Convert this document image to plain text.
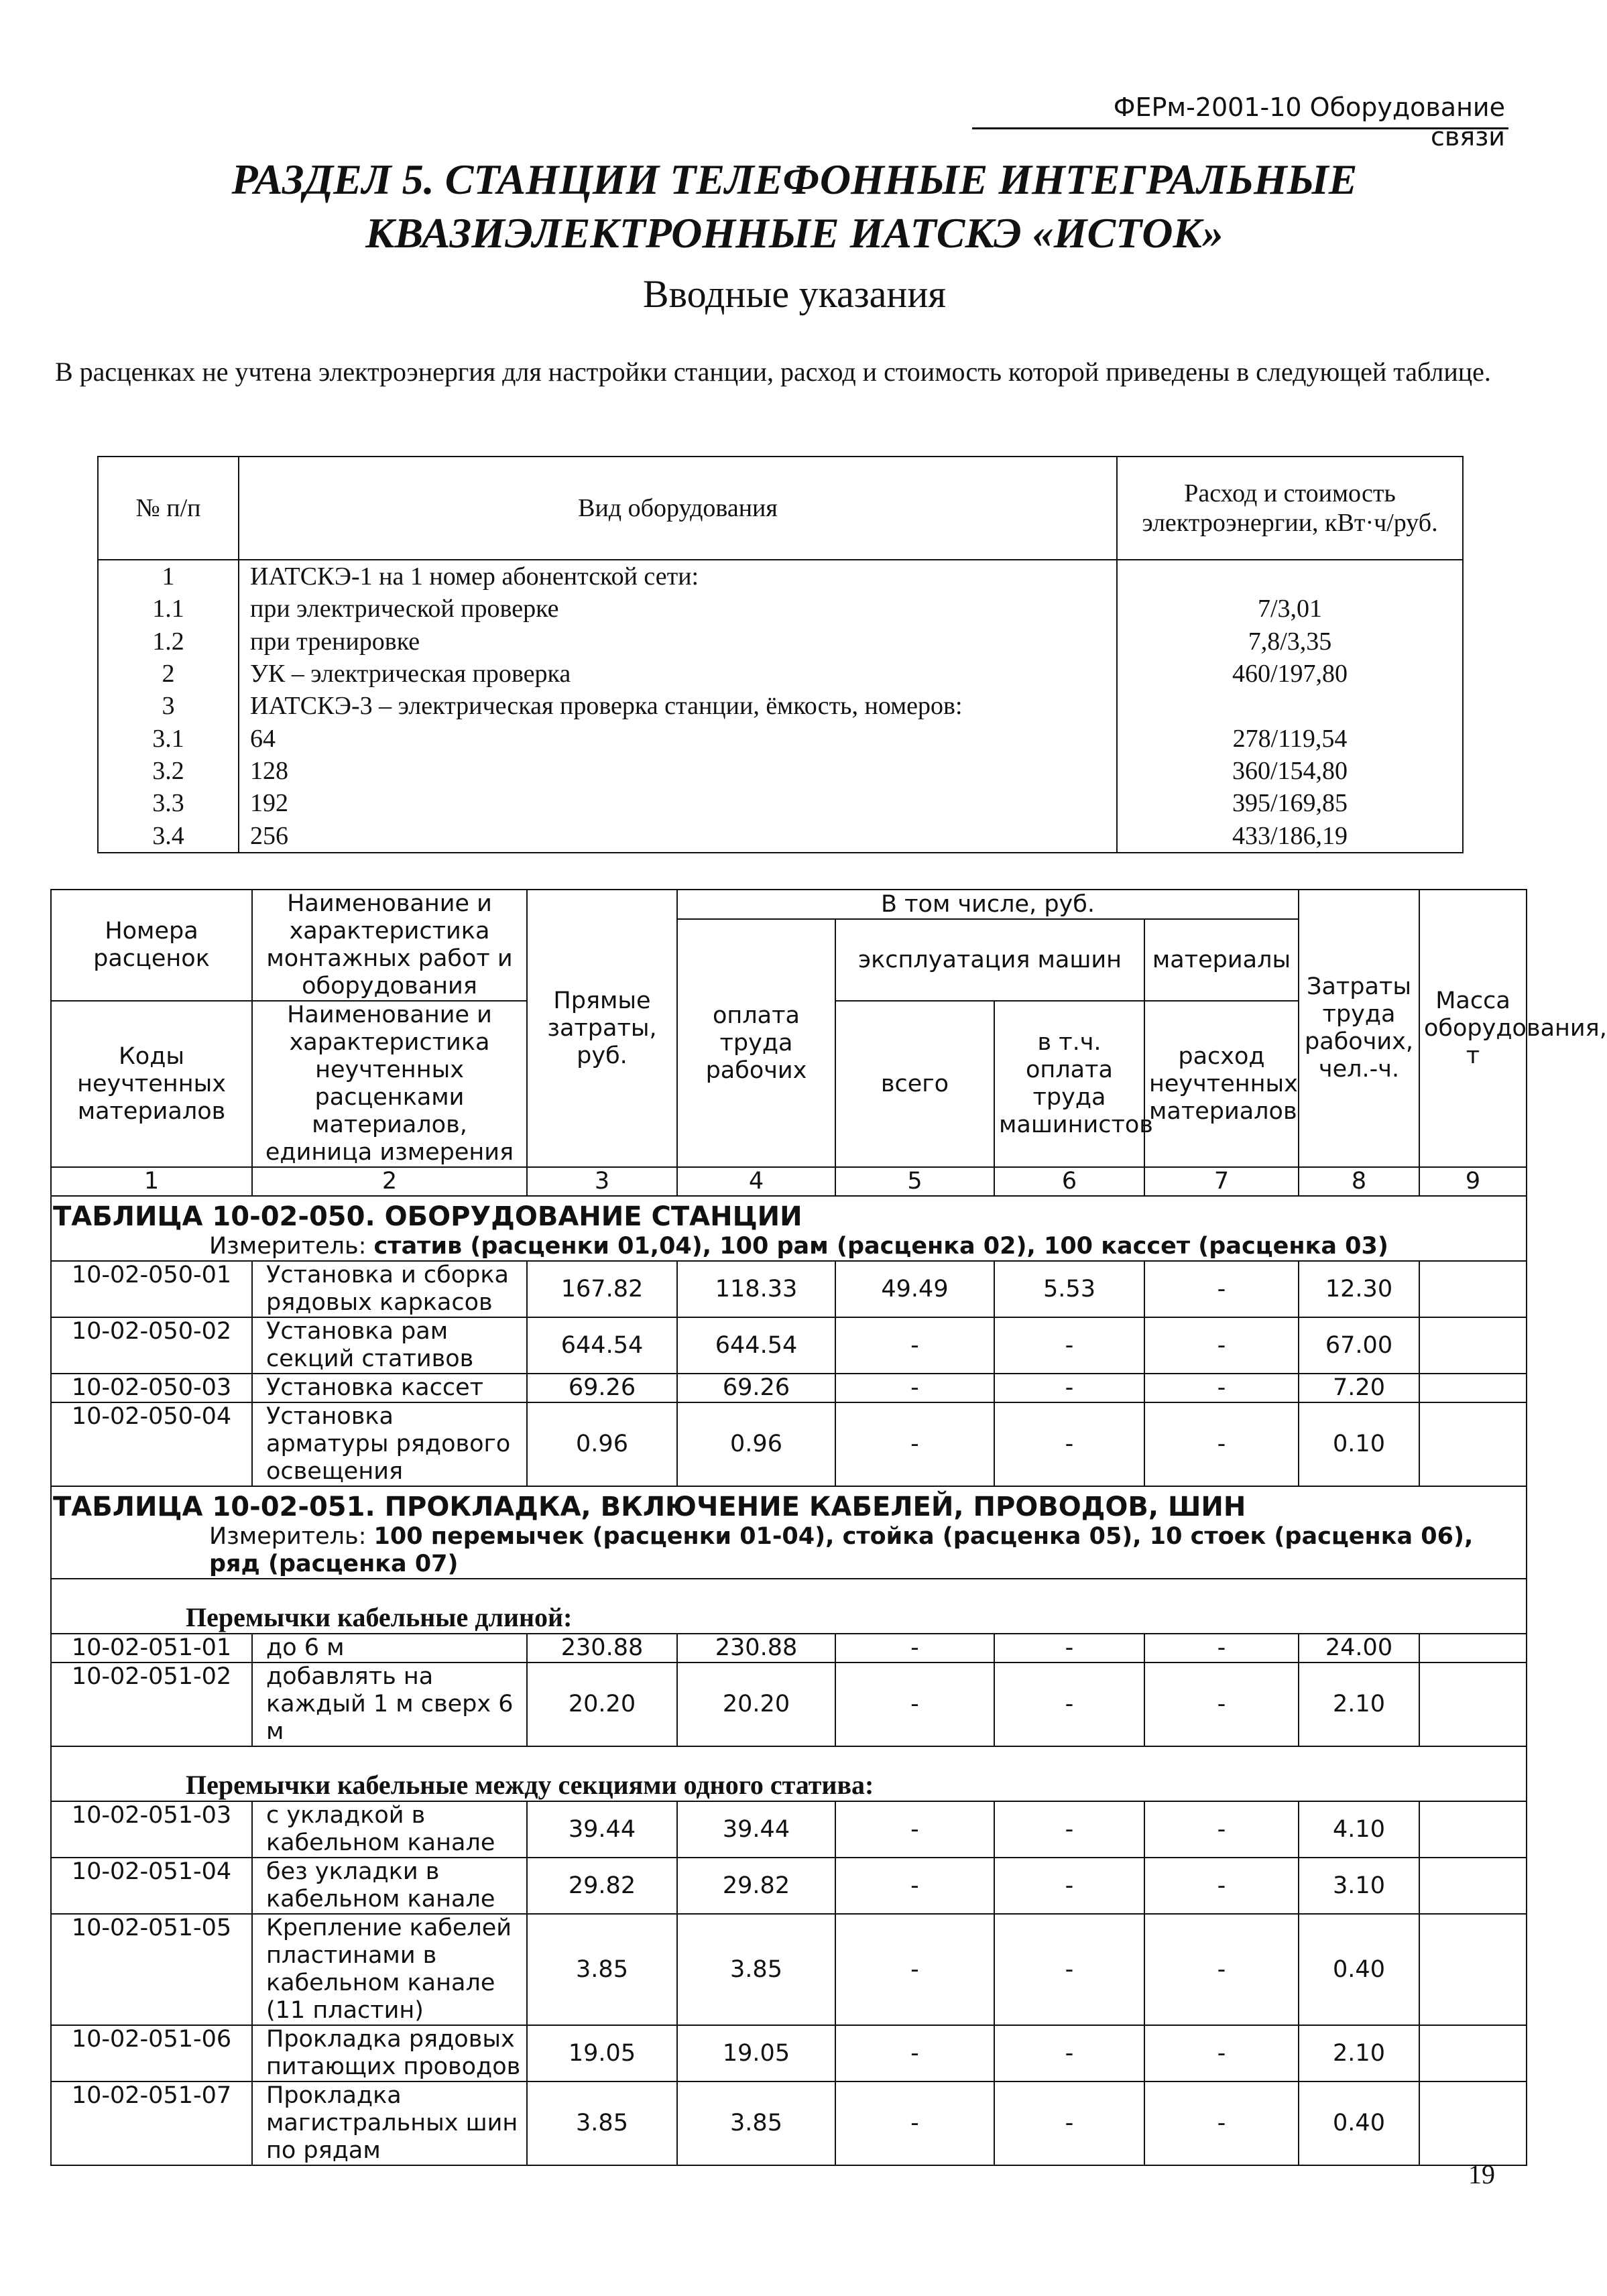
ФЕРм-2001-10 Оборудование связи
РАЗДЕЛ 5. СТАНЦИИ ТЕЛЕФОННЫЕ ИНТЕГРАЛЬНЫЕ
КВАЗИЭЛЕКТРОННЫЕ ИАТСКЭ «ИСТОК»
Вводные указания
В расценках не учтена электроэнергия для настройки станции, расход и стоимость которой приведены в следующей таблице.
№ п/п	Вид оборудования	Расход и стоимость электроэнергии, кВт·ч/руб.
1	ИАТСКЭ-1 на 1 номер абонентской сети:	
1.1	при электрической проверке	7/3,01
1.2	при тренировке	7,8/3,35
2	УК – электрическая проверка	460/197,80
3	ИАТСКЭ-3 – электрическая проверка станции, ёмкость, номеров:	
3.1	64	278/119,54
3.2	128	360/154,80
3.3	192	395/169,85
3.4	256	433/186,19
Номера расценок	Наименование и характеристика монтажных работ и оборудования	Прямые затраты, руб.	В том числе, руб.				Затраты труда рабочих, чел.-ч.	Масса оборудования, т
			оплата труда рабочих	эксплуатация машин		материалы		
Коды неучтенных материалов	Наименование и характеристика неучтенных расценками материалов, единица измерения			всего	в т.ч. оплата труда машинистов	расход неучтенных материалов		
1	2	3	4	5	6	7	8	9
ТАБЛИЦА 10-02-050. ОБОРУДОВАНИЕ СТАНЦИИ								
Измеритель: статив (расценки 01,04), 100 рам (расценка 02), 100 кассет (расценка 03)								
10-02-050-01	Установка и сборка рядовых каркасов	167.82	118.33	49.49	5.53	-	12.30	
10-02-050-02	Установка рам секций стативов	644.54	644.54	-	-	-	67.00	
10-02-050-03	Установка кассет	69.26	69.26	-	-	-	7.20	
10-02-050-04	Установка арматуры рядового освещения	0.96	0.96	-	-	-	0.10	
ТАБЛИЦА 10-02-051. ПРОКЛАДКА, ВКЛЮЧЕНИЕ КАБЕЛЕЙ, ПРОВОДОВ, ШИН								
Измеритель: 100 перемычек (расценки 01-04), стойка (расценка 05), 10 стоек (расценка 06), ряд (расценка 07)								
Перемычки кабельные длиной:								
10-02-051-01	до 6 м	230.88	230.88	-	-	-	24.00	
10-02-051-02	добавлять на каждый 1 м сверх 6 м	20.20	20.20	-	-	-	2.10	
Перемычки кабельные между секциями одного статива:								
10-02-051-03	с укладкой в кабельном канале	39.44	39.44	-	-	-	4.10	
10-02-051-04	без укладки в кабельном канале	29.82	29.82	-	-	-	3.10	
10-02-051-05	Крепление кабелей пластинами в кабельном канале (11 пластин)	3.85	3.85	-	-	-	0.40	
10-02-051-06	Прокладка рядовых питающих проводов	19.05	19.05	-	-	-	2.10	
10-02-051-07	Прокладка магистральных шин по рядам	3.85	3.85	-	-	-	0.40	
19
